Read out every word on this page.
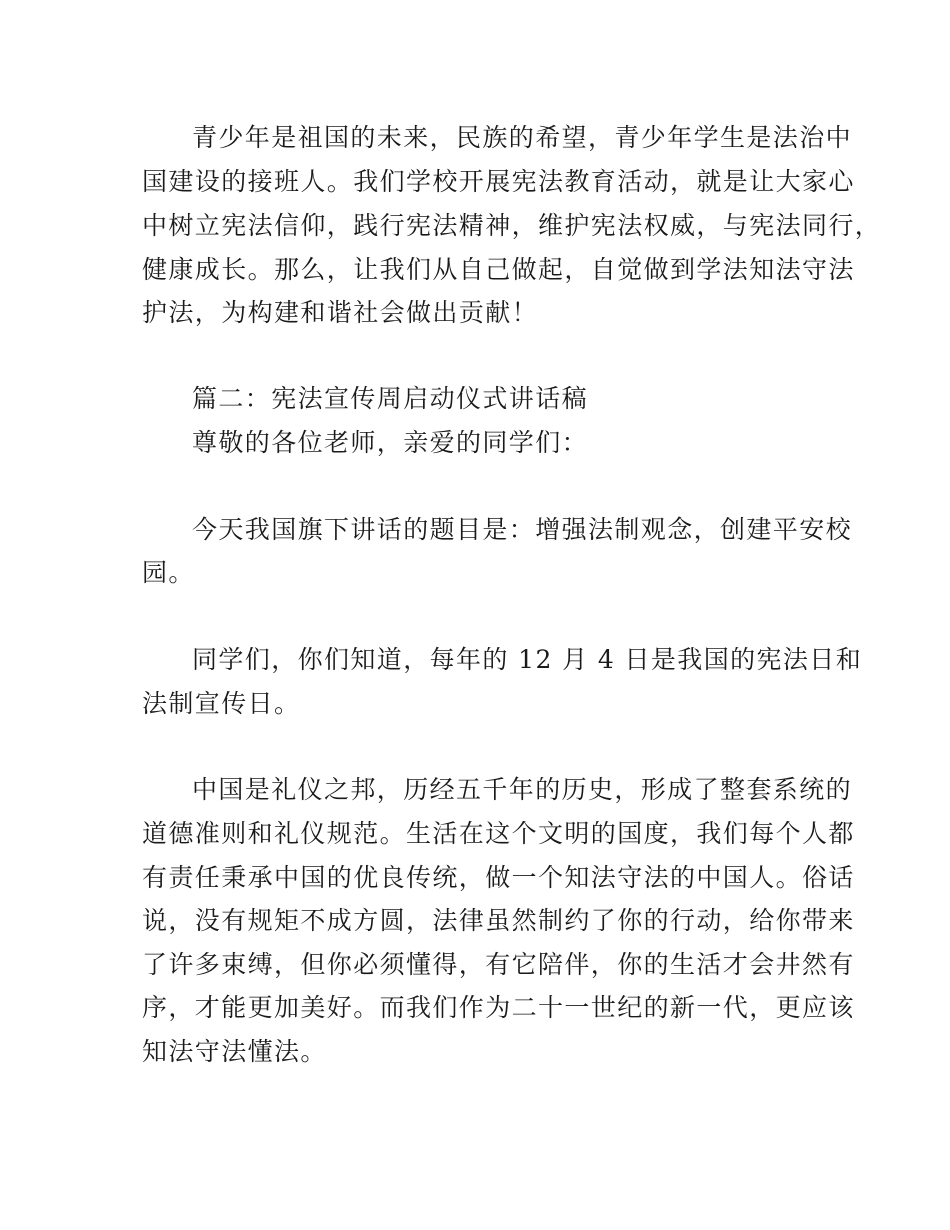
青少年是祖国的未来，民族的希望，青少年学生是法治中

国建设的接班人。我们学校开展宪法教育活动，就是让大家心

中树立宪法信仰，践行宪法精神，维护宪法权威，与宪法同行，

健康成长。那么，让我们从自己做起，自觉做到学法知法守法

护法，为构建和谐社会做出贡献！

篇二：宪法宣传周启动仪式讲话稿

尊敬的各位老师，亲爱的同学们：

今天我国旗下讲话的题目是：增强法制观念，创建平安校

园。

同学们，你们知道，每年的 12 月 4 日是我国的宪法日和

法制宣传日。

中国是礼仪之邦，历经五千年的历史，形成了整套系统的

道德准则和礼仪规范。生活在这个文明的国度，我们每个人都

有责任秉承中国的优良传统，做一个知法守法的中国人。俗话

说，没有规矩不成方圆，法律虽然制约了你的行动，给你带来

了许多束缚，但你必须懂得，有它陪伴，你的生活才会井然有

序，才能更加美好。而我们作为二十一世纪的新一代，更应该

知法守法懂法。
